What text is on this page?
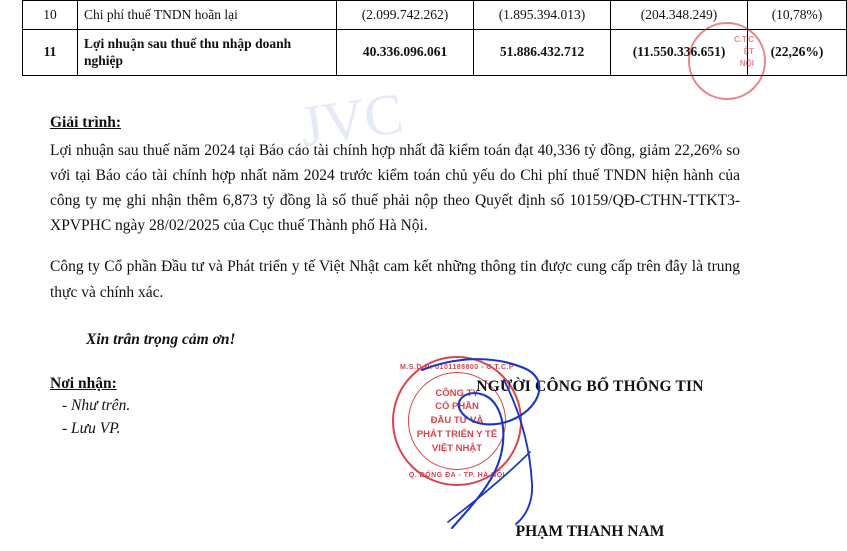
JVC
10	Chi phí thuế TNDN hoãn lại	(2.099.742.262)	(1.895.394.013)	(204.348.249)	(10,78%)
11	Lợi nhuận sau thuế thu nhập doanh nghiệp	40.336.096.061	51.886.432.712	(11.550.336.651)	(22,26%)
Giải trình:

Lợi nhuận sau thuế năm 2024 tại Báo cáo tài chính hợp nhất đã kiểm toán đạt 40,336 tỷ đồng, giảm 22,26% so với tại Báo cáo tài chính hợp nhất năm 2024 trước kiểm toán chủ yếu do Chi phí thuế TNDN hiện hành của công ty mẹ ghi nhận thêm 6,873 tỷ đồng là số thuế phải nộp theo Quyết định số 10159/QĐ-CTHN-TTKT3-XPVPHC ngày 28/02/2025 của Cục thuế Thành phố Hà Nội.

Công ty Cổ phần Đầu tư và Phát triển y tế Việt Nhật cam kết những thông tin được cung cấp trên đây là trung thực và chính xác.

Xin trân trọng cảm ơn!
Nơi nhận:
- Như trên.
- Lưu VP.
NGƯỜI CÔNG BỐ THÔNG TIN
PHẠM THANH NAM
M.S.D.N: 0101188800 - C.T.C.P
CÔNG TY
CỔ PHẦN
ĐẦU TƯ VÀ
PHÁT TRIỂN Y TẾ
VIỆT NHẬT
Q. ĐỐNG ĐA - TP. HÀ NỘI
C.T.C
ỆT
NỘI
